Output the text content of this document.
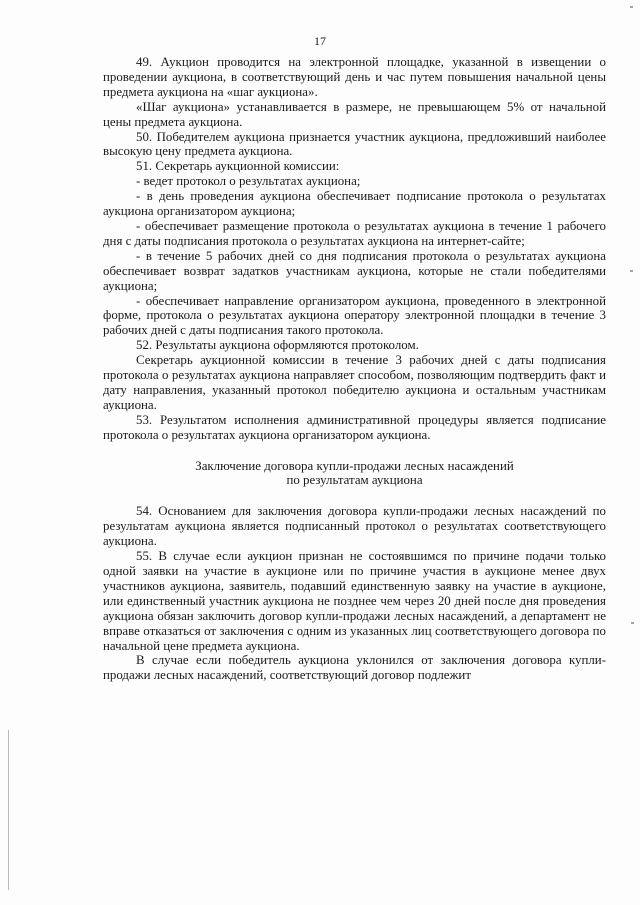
17

49. Аукцион проводится на электронной площадке, указанной в извещении о проведении аукциона, в соответствующий день и час путем повышения начальной цены предмета аукциона на «шаг аукциона».

«Шаг аукциона» устанавливается в размере, не превышающем 5% от начальной цены предмета аукциона.

50. Победителем аукциона признается участник аукциона, предложивший наиболее высокую цену предмета аукциона.

51. Секретарь аукционной комиссии:

- ведет протокол о результатах аукциона;

- в день проведения аукциона обеспечивает подписание протокола о результатах аукциона организатором аукциона;

- обеспечивает размещение протокола о результатах аукциона в течение 1 рабочего дня с даты подписания протокола о результатах аукциона на интернет-сайте;

- в течение 5 рабочих дней со дня подписания протокола о результатах аукциона обеспечивает возврат задатков участникам аукциона, которые не стали победителями аукциона;

- обеспечивает направление организатором аукциона, проведенного в электронной форме, протокола о результатах аукциона оператору электронной площадки в течение 3 рабочих дней с даты подписания такого протокола.

52. Результаты аукциона оформляются протоколом.

Секретарь аукционной комиссии в течение 3 рабочих дней с даты подписания протокола о результатах аукциона направляет способом, позволяющим подтвердить факт и дату направления, указанный протокол победителю аукциона и остальным участникам аукциона.

53. Результатом исполнения административной процедуры является подписание протокола о результатах аукциона организатором аукциона.

Заключение договора купли-продажи лесных насаждений
по результатам аукциона

54. Основанием для заключения договора купли-продажи лесных насаждений по результатам аукциона является подписанный протокол о результатах соответствующего аукциона.

55. В случае если аукцион признан не состоявшимся по причине подачи только одной заявки на участие в аукционе или по причине участия в аукционе менее двух участников аукциона, заявитель, подавший единственную заявку на участие в аукционе, или единственный участник аукциона не позднее чем через 20 дней после дня проведения аукциона обязан заключить договор купли-продажи лесных насаждений, а департамент не вправе отказаться от заключения с одним из указанных лиц соответствующего договора по начальной цене предмета аукциона.

В случае если победитель аукциона уклонился от заключения договора купли-продажи лесных насаждений, соответствующий договор подлежит
